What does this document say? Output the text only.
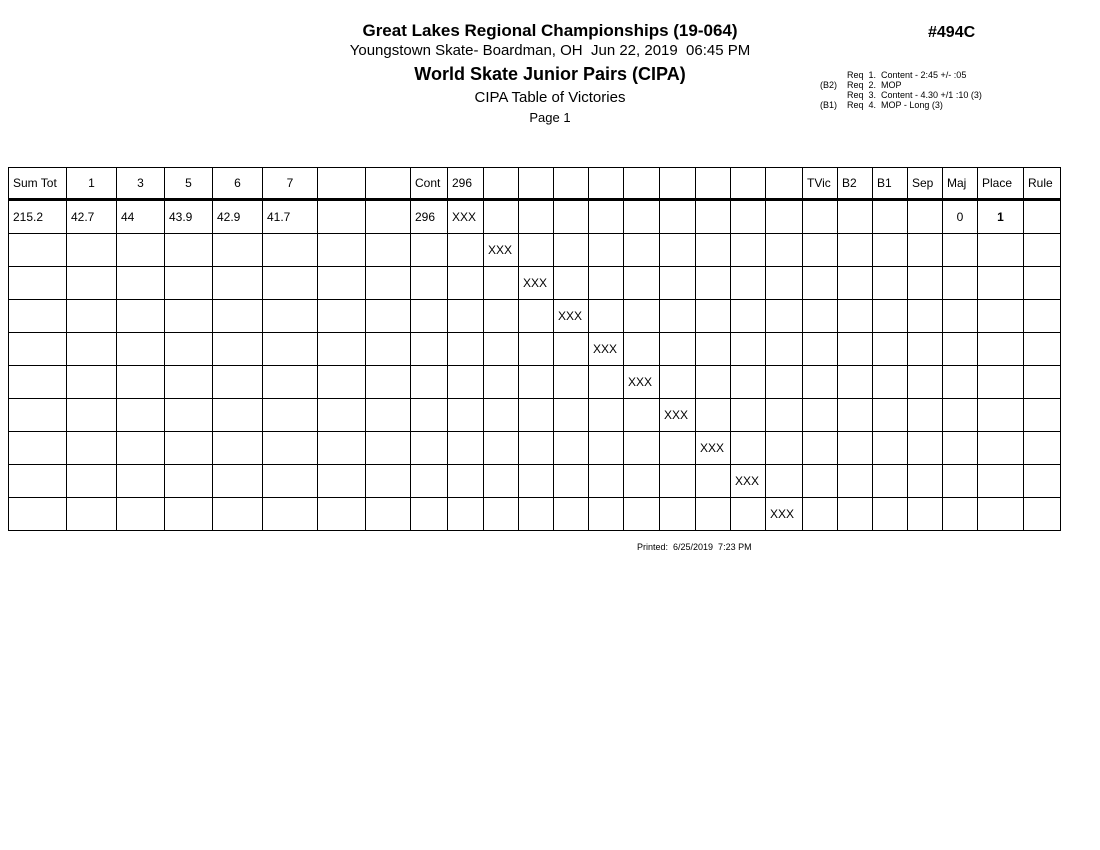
Great Lakes Regional Championships (19-064)
Youngstown Skate- Boardman, OH  Jun 22, 2019  06:45 PM
World Skate Junior Pairs (CIPA)
CIPA Table of Victories
Page 1
#494C
Req  1.  Content - 2:45 +/- :05
(B2)	Req  2.  MOP
Req  3.  Content - 4.30 +/1 :10 (3)
(B1)	Req  4.  MOP - Long (3)
Sum Tot	1	3	5	6	7			Cont	296										TVic	B2	B1	Sep	Maj	Place	Rule
215.2	42.7	44	43.9	42.9	41.7			296	XXX														0	1	
										XXX															
											XXX														
												XXX													
													XXX												
														XXX											
															XXX										
																XXX									
																	XXX								
																		XXX							
Printed:  6/25/2019  7:23 PM
